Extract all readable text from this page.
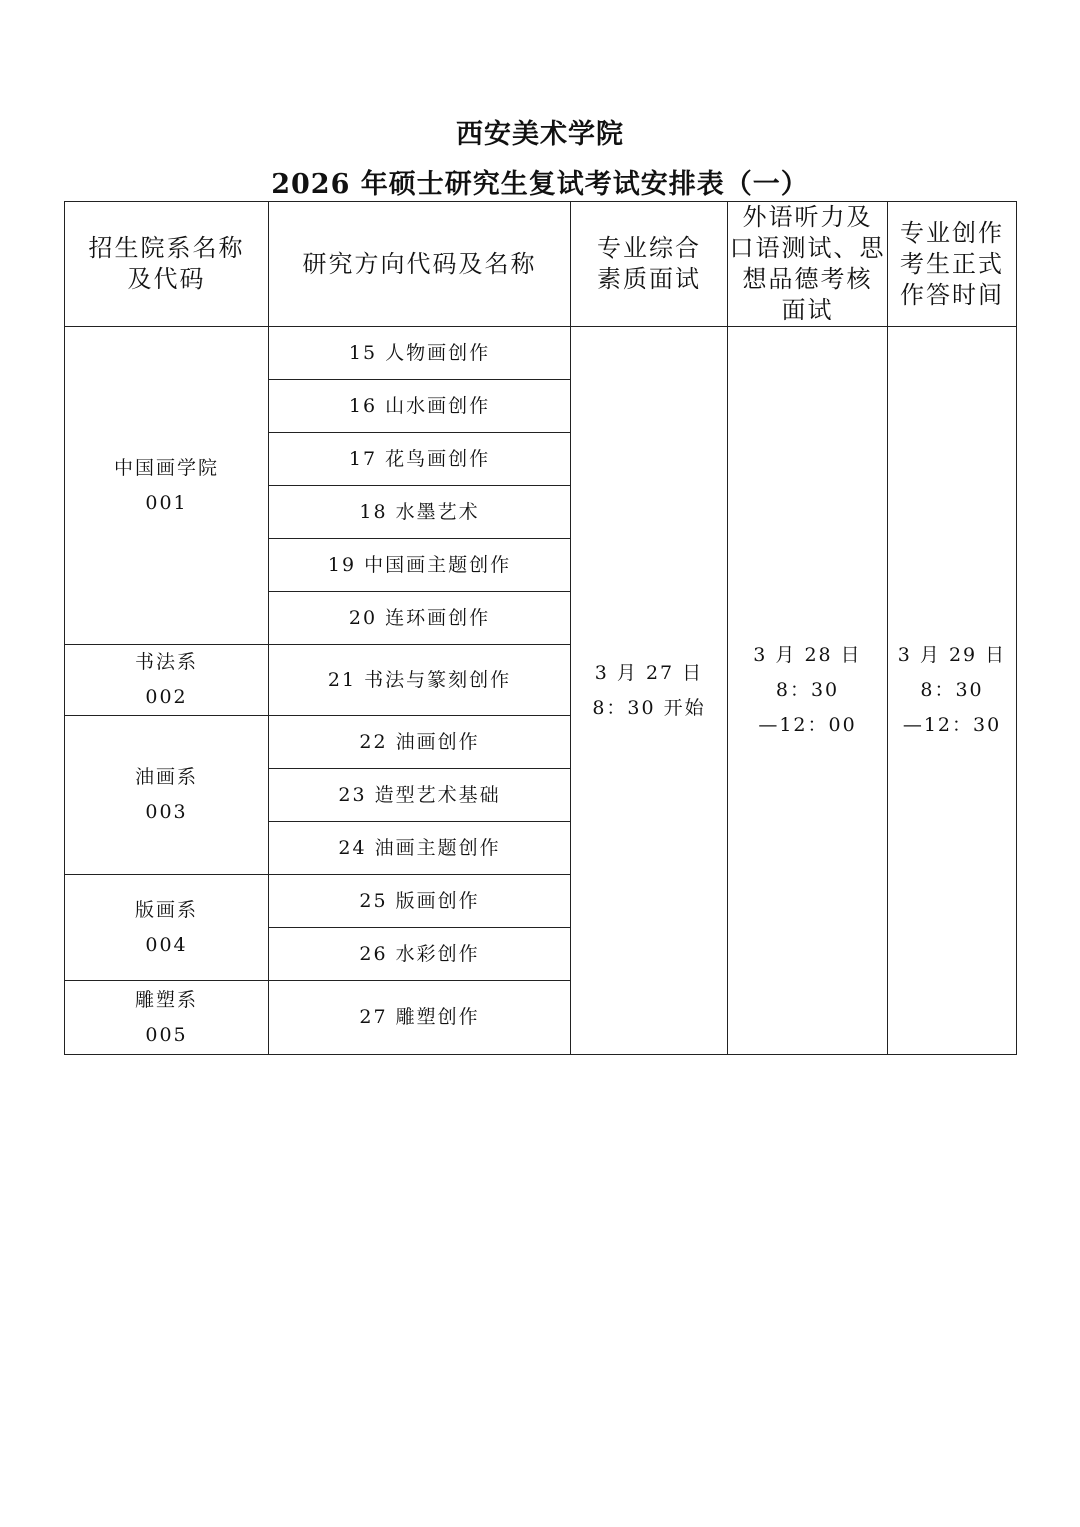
西安美术学院
2026 年硕士研究生复试考试安排表（一）
招生院系名称
及代码	研究方向代码及名称	专业综合
素质面试	外语听力及
口语测试、思
想品德考核
面试	专业创作
考生正式
作答时间

中国画学院
001	15 人物画创作	3 月 27 日
8：30 开始	3 月 28 日
8：30
—12：00	3 月 29 日
8：30
—12：30

	16 山水画创作			
	17 花鸟画创作			
	18 水墨艺术			
	19 中国画主题创作			
	20 连环画创作			

书法系
002	21 书法与篆刻创作			

油画系
003	22 油画创作			
	23 造型艺术基础			
	24 油画主题创作			

版画系
004	25 版画创作			
	26 水彩创作			

雕塑系
005	27 雕塑创作			
